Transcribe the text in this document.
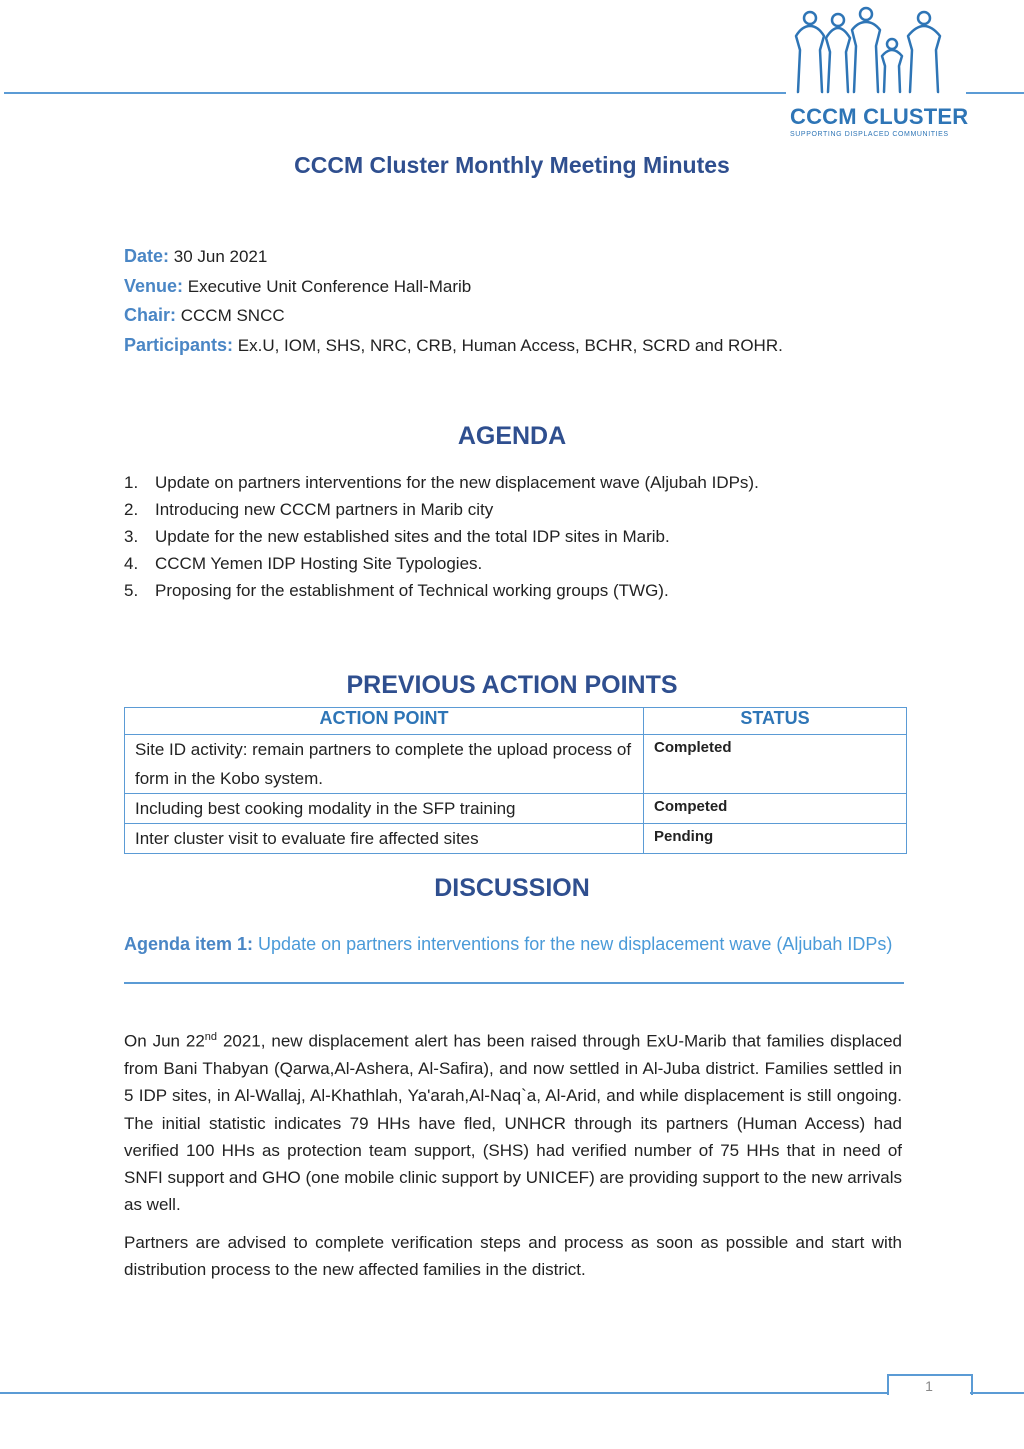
CCCM CLUSTER
SUPPORTING DISPLACED COMMUNITIES
CCCM Cluster Monthly Meeting Minutes
Date: 30 Jun 2021
Venue: Executive Unit Conference Hall-Marib
Chair: CCCM SNCC
Participants: Ex.U, IOM, SHS, NRC, CRB, Human Access, BCHR, SCRD and ROHR.
AGENDA
1. Update on partners interventions for the new displacement wave (Aljubah IDPs).
2. Introducing new CCCM partners in Marib city
3. Update for the new established sites and the total IDP sites in Marib.
4. CCCM Yemen IDP Hosting Site Typologies.
5. Proposing for the establishment of Technical working groups (TWG).
PREVIOUS ACTION POINTS
ACTION POINT	STATUS
Site ID activity: remain partners to complete the upload process of form in the Kobo system.	Completed
Including best cooking modality in the SFP training	Competed
Inter cluster visit to evaluate fire affected sites	Pending
DISCUSSION
Agenda item 1: Update on partners interventions for the new displacement wave (Aljubah IDPs)
On Jun 22nd 2021, new displacement alert has been raised through ExU-Marib that families displaced from Bani Thabyan (Qarwa,Al-Ashera, Al-Safira), and now settled in Al-Juba district. Families settled in 5 IDP sites, in Al-Wallaj, Al-Khathlah, Ya'arah,Al-Naq`a, Al-Arid, and while displacement is still ongoing. The initial statistic indicates 79 HHs have fled, UNHCR through its partners (Human Access) had verified 100 HHs as protection team support, (SHS) had verified number of 75 HHs that in need of SNFI support and GHO (one mobile clinic support by UNICEF) are providing support to the new arrivals as well.
Partners are advised to complete verification steps and process as soon as possible and start with distribution process to the new affected families in the district.
1
